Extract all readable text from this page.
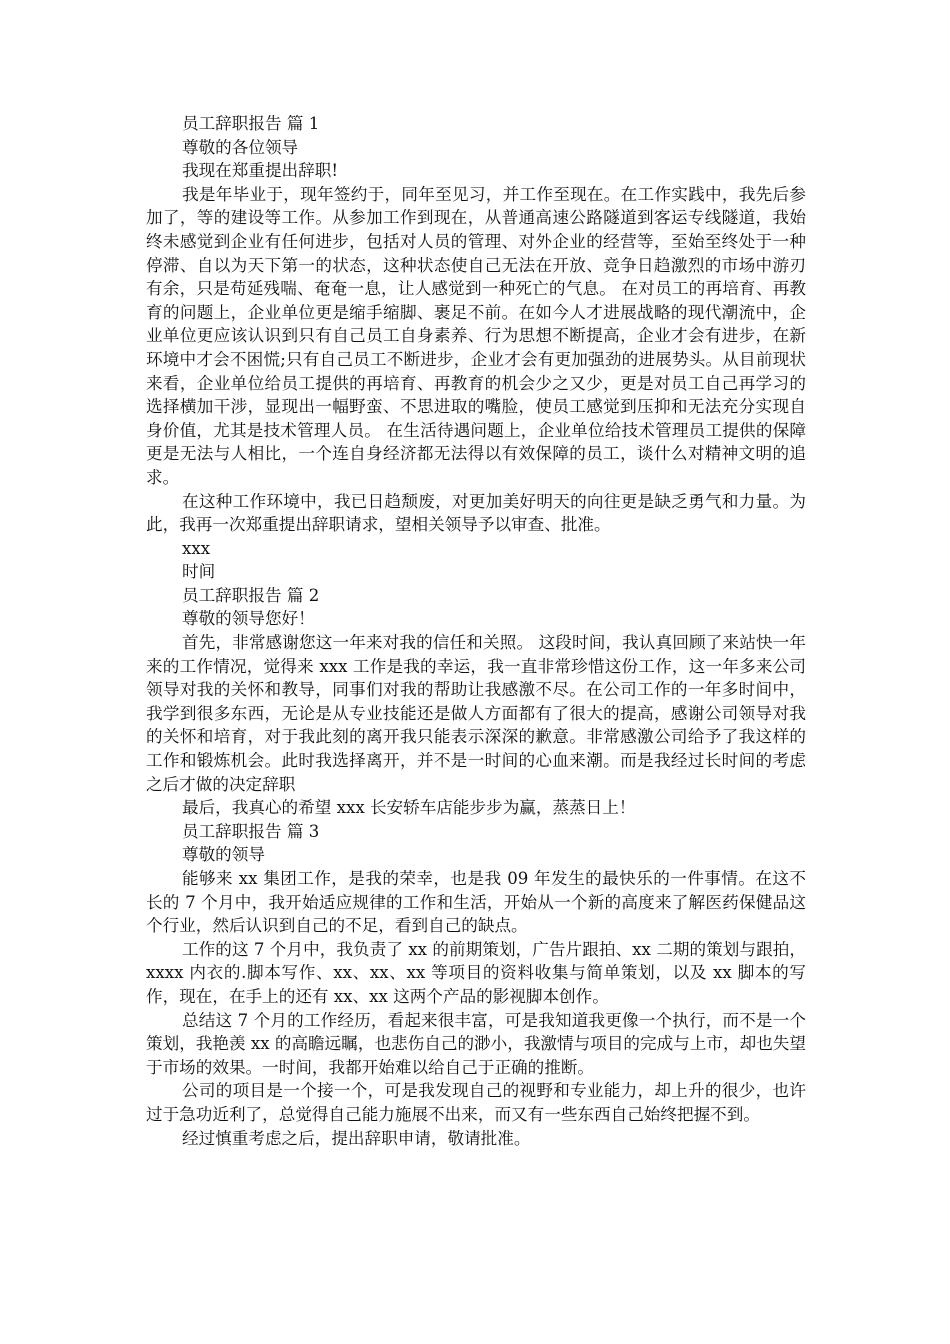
员工辞职报告 篇 1

尊敬的各位领导

我现在郑重提出辞职!

我是年毕业于，现年签约于，同年至见习，并工作至现在。在工作实践中，我先后参加了，等的建设等工作。从参加工作到现在，从普通高速公路隧道到客运专线隧道，我始终未感觉到企业有任何进步，包括对人员的管理、对外企业的经营等，至始至终处于一种停滞、自以为天下第一的状态，这种状态使自己无法在开放、竞争日趋激烈的市场中游刃有余，只是苟延残喘、奄奄一息，让人感觉到一种死亡的气息。 在对员工的再培育、再教育的问题上，企业单位更是缩手缩脚、裹足不前。在如今人才进展战略的现代潮流中，企业单位更应该认识到只有自己员工自身素养、行为思想不断提高，企业才会有进步，在新环境中才会不困慌;只有自己员工不断进步，企业才会有更加强劲的进展势头。从目前现状来看，企业单位给员工提供的再培育、再教育的机会少之又少，更是对员工自己再学习的选择横加干涉，显现出一幅野蛮、不思进取的嘴脸，使员工感觉到压抑和无法充分实现自身价值，尤其是技术管理人员。 在生活待遇问题上，企业单位给技术管理员工提供的保障更是无法与人相比，一个连自身经济都无法得以有效保障的员工，谈什么对精神文明的追求。

在这种工作环境中，我已日趋颓废，对更加美好明天的向往更是缺乏勇气和力量。为此，我再一次郑重提出辞职请求，望相关领导予以审查、批准。

xxx

时间

员工辞职报告 篇 2

尊敬的领导您好！

首先，非常感谢您这一年来对我的信任和关照。 这段时间，我认真回顾了来站快一年来的工作情况，觉得来 xxx 工作是我的幸运，我一直非常珍惜这份工作，这一年多来公司领导对我的关怀和教导，同事们对我的帮助让我感激不尽。在公司工作的一年多时间中，我学到很多东西，无论是从专业技能还是做人方面都有了很大的提高，感谢公司领导对我的关怀和培育，对于我此刻的离开我只能表示深深的歉意。非常感激公司给予了我这样的工作和锻炼机会。此时我选择离开，并不是一时间的心血来潮。而是我经过长时间的考虑之后才做的决定辞职

最后，我真心的希望 xxx 长安轿车店能步步为赢，蒸蒸日上！

员工辞职报告 篇 3

尊敬的领导

能够来 xx 集团工作，是我的荣幸，也是我 09 年发生的最快乐的一件事情。在这不长的 7 个月中，我开始适应规律的工作和生活，开始从一个新的高度来了解医药保健品这个行业，然后认识到自己的不足，看到自己的缺点。

工作的这 7 个月中，我负责了 xx 的前期策划，广告片跟拍、xx 二期的策划与跟拍，xxxx 内衣的.脚本写作、xx、xx、xx 等项目的资料收集与简单策划，以及 xx 脚本的写作，现在，在手上的还有 xx、xx 这两个产品的影视脚本创作。

总结这 7 个月的工作经历，看起来很丰富，可是我知道我更像一个执行，而不是一个策划，我艳羡 xx 的高瞻远瞩，也悲伤自己的渺小，我激情与项目的完成与上市，却也失望于市场的效果。一时间，我都开始难以给自己于正确的推断。

公司的项目是一个接一个，可是我发现自己的视野和专业能力，却上升的很少，也许过于急功近利了，总觉得自己能力施展不出来，而又有一些东西自己始终把握不到。

经过慎重考虑之后，提出辞职申请，敬请批准。
